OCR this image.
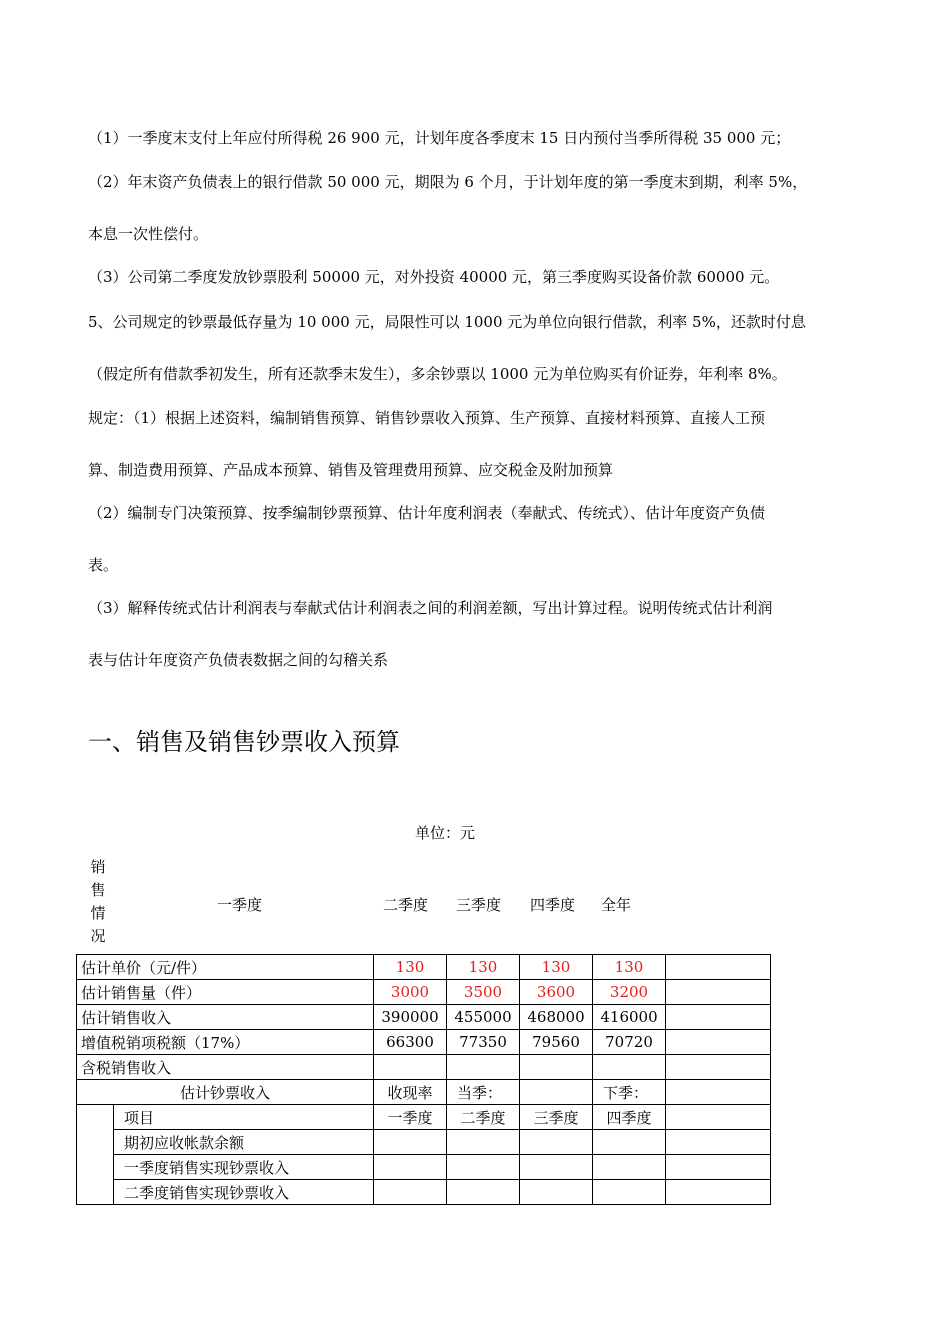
（1）一季度末支付上年应付所得税 26 900 元，计划年度各季度末 15 日内预付当季所得税 35 000 元；
（2）年末资产负债表上的银行借款 50 000 元，期限为 6 个月，于计划年度的第一季度末到期，利率 5%，
本息一次性偿付。
（3）公司第二季度发放钞票股利 50000 元，对外投资 40000 元，第三季度购买设备价款 60000 元。
5、公司规定的钞票最低存量为 10 000 元，局限性可以 1000 元为单位向银行借款，利率 5%，还款时付息
（假定所有借款季初发生，所有还款季末发生），多余钞票以 1000 元为单位购买有价证券，年利率 8%。
规定：（1）根据上述资料，编制销售预算、销售钞票收入预算、生产预算、直接材料预算、直接人工预
算、制造费用预算、产品成本预算、销售及管理费用预算、应交税金及附加预算
（2）编制专门决策预算、按季编制钞票预算、估计年度利润表（奉献式、传统式）、估计年度资产负债
表。
（3）解释传统式估计利润表与奉献式估计利润表之间的利润差额，写出计算过程。说明传统式估计利润
表与估计年度资产负债表数据之间的勾稽关系
一、销售及销售钞票收入预算
单位：元
销
售
情
况
一季度	二季度 三季度 四季度 全年
估计单价（元/件）		130	130	130	130	
估计销售量（件）		3000	3500	3600	3200	
估计销售收入		390000	455000	468000	416000	
增值税销项税额（17%）		66300	77350	79560	70720	
含税销售收入						
估计钞票收入		收现率	当季：		下季：	
	项目	一季度	二季度	三季度	四季度	
	期初应收帐款余额					
	一季度销售实现钞票收入					
	二季度销售实现钞票收入					
